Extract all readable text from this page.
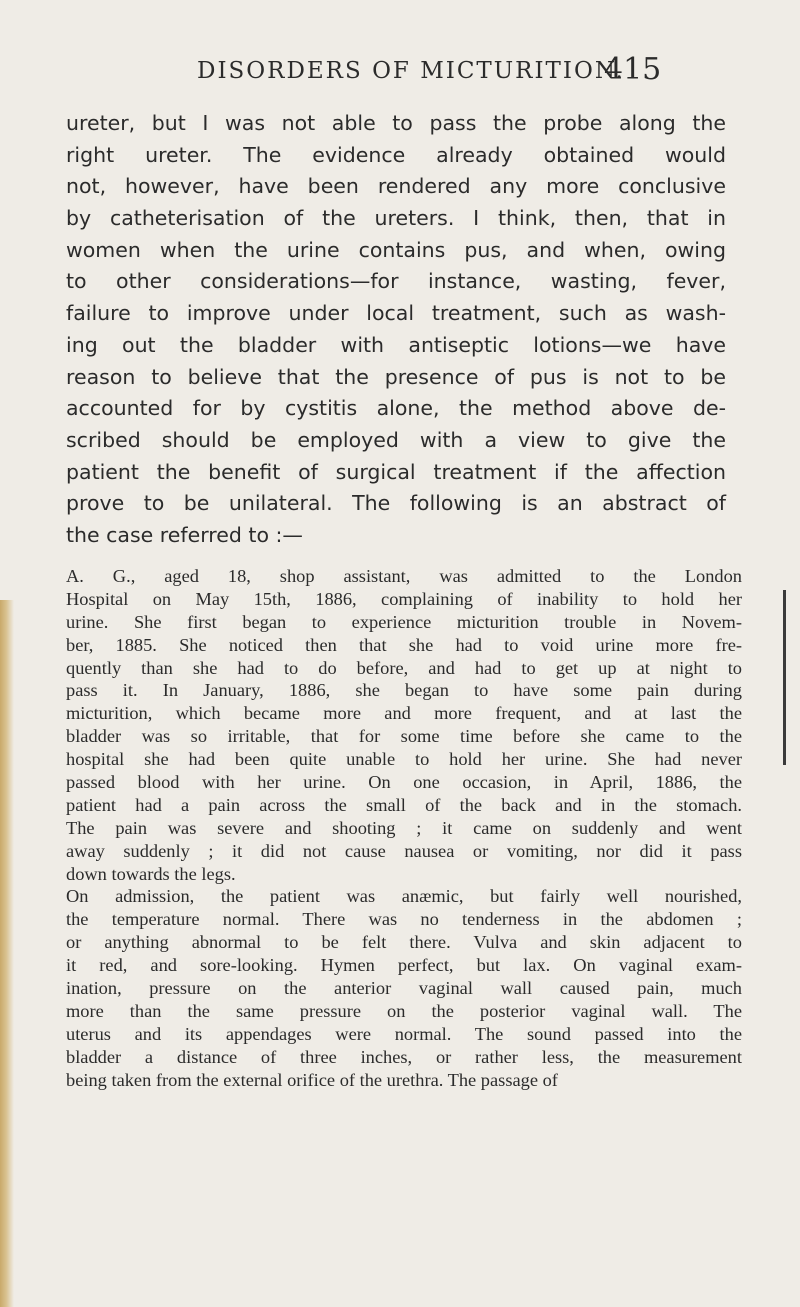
DISORDERS OF MICTURITION.
415
ureter, but I was not able to pass the probe along the
right ureter. The evidence already obtained would
not, however, have been rendered any more conclusive
by catheterisation of the ureters. I think, then, that in
women when the urine contains pus, and when, owing
to other considerations—for instance, wasting, fever,
failure to improve under local treatment, such as wash-
ing out the bladder with antiseptic lotions—we have
reason to believe that the presence of pus is not to be
accounted for by cystitis alone, the method above de-
scribed should be employed with a view to give the
patient the benefit of surgical treatment if the affection
prove to be unilateral. The following is an abstract of
the case referred to :—
A. G., aged 18, shop assistant, was admitted to the London
Hospital on May 15th, 1886, complaining of inability to hold her
urine. She first began to experience micturition trouble in Novem-
ber, 1885. She noticed then that she had to void urine more fre-
quently than she had to do before, and had to get up at night to
pass it. In January, 1886, she began to have some pain during
micturition, which became more and more frequent, and at last the
bladder was so irritable, that for some time before she came to the
hospital she had been quite unable to hold her urine. She had never
passed blood with her urine. On one occasion, in April, 1886, the
patient had a pain across the small of the back and in the stomach.
The pain was severe and shooting ; it came on suddenly and went
away suddenly ; it did not cause nausea or vomiting, nor did it pass
down towards the legs.
On admission, the patient was anæmic, but fairly well nourished,
the temperature normal. There was no tenderness in the abdomen ;
or anything abnormal to be felt there. Vulva and skin adjacent to
it red, and sore-looking. Hymen perfect, but lax. On vaginal exam-
ination, pressure on the anterior vaginal wall caused pain, much
more than the same pressure on the posterior vaginal wall. The
uterus and its appendages were normal. The sound passed into the
bladder a distance of three inches, or rather less, the measurement
being taken from the external orifice of the urethra. The passage of
